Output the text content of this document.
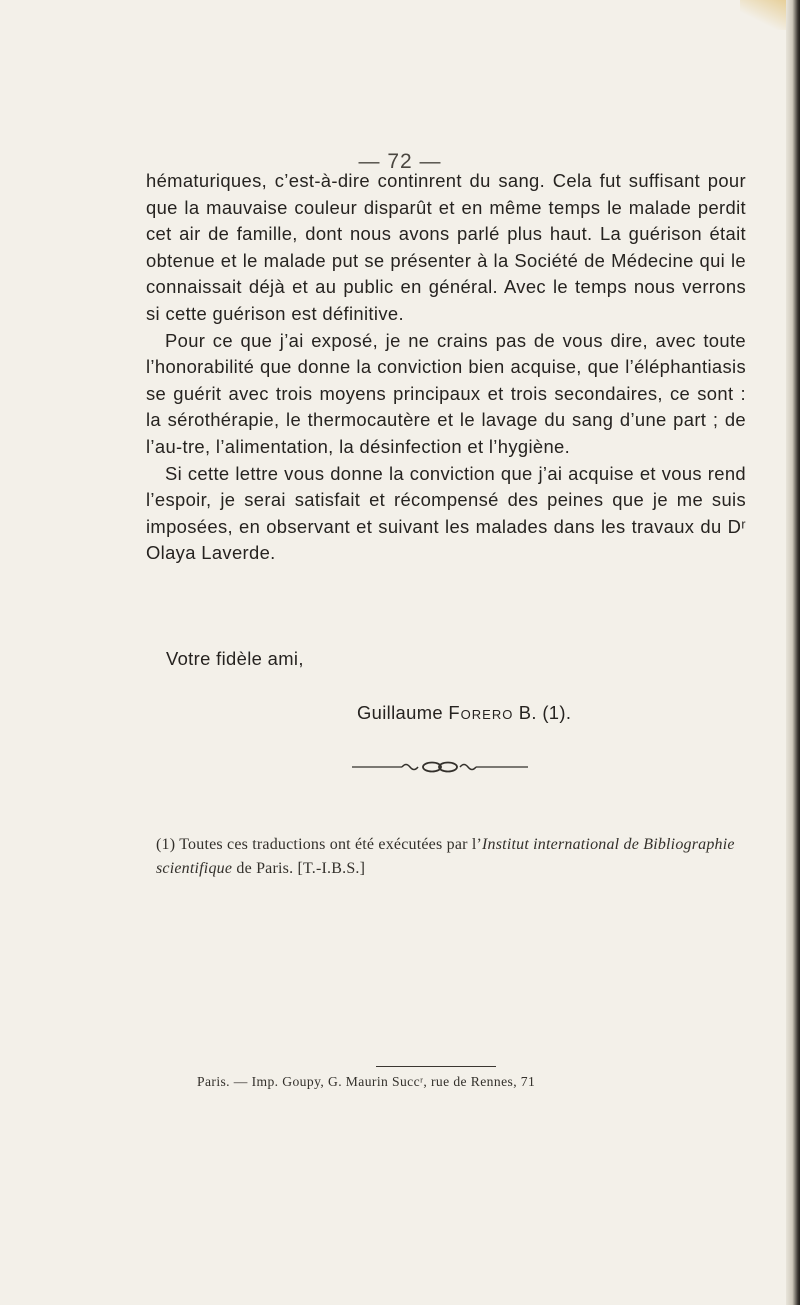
— 72 —

hématuriques, c’est-à-dire continrent du sang. Cela fut suffisant pour que la mauvaise couleur disparût et en même temps le malade perdit cet air de famille, dont nous avons parlé plus haut. La guérison était obtenue et le malade put se présenter à la Société de Médecine qui le connaissait déjà et au public en général. Avec le temps nous verrons si cette guérison est définitive.

Pour ce que j’ai exposé, je ne crains pas de vous dire, avec toute l’honorabilité que donne la conviction bien acquise, que l’éléphantiasis se guérit avec trois moyens principaux et trois secondaires, ce sont : la sérothérapie, le thermocautère et le lavage du sang d’une part ; de l’au-tre, l’alimentation, la désinfection et l’hygiène.

Si cette lettre vous donne la conviction que j’ai acquise et vous rend l’espoir, je serai satisfait et récompensé des peines que je me suis imposées, en observant et suivant les malades dans les travaux du Dʳ Olaya Laverde.

Votre fidèle ami,
Guillaume Forero B. (1).

(1) Toutes ces traductions ont été exécutées par l’Institut international de Bibliographie scientifique de Paris. [T.-I.B.S.]

Paris. — Imp. Goupy, G. Maurin Succʳ, rue de Rennes, 71
